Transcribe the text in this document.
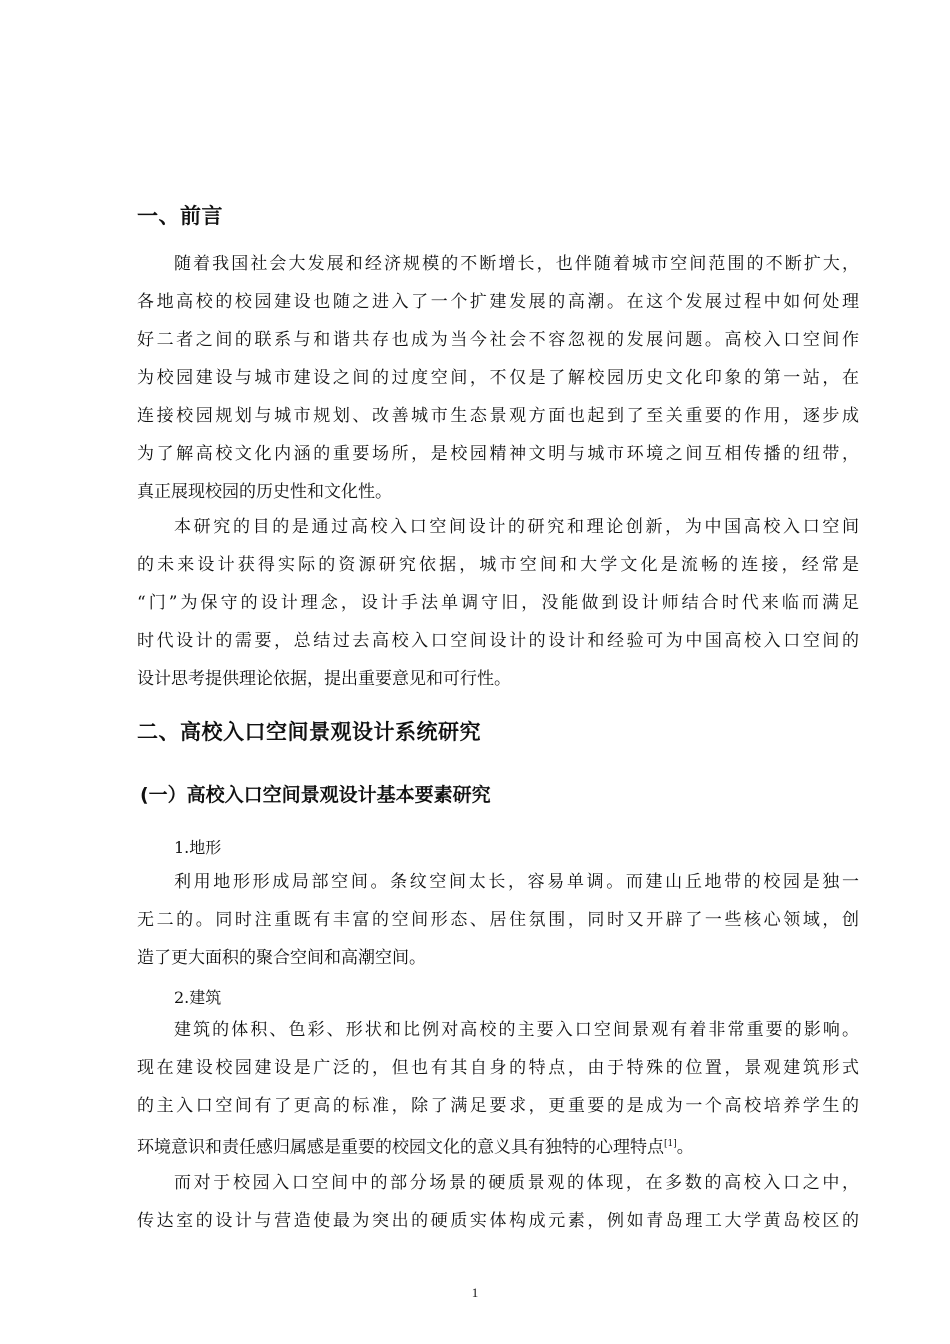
一、前言
随着我国社会大发展和经济规模的不断增长，也伴随着城市空间范围的不断扩大，
各地高校的校园建设也随之进入了一个扩建发展的高潮。在这个发展过程中如何处理
好二者之间的联系与和谐共存也成为当今社会不容忽视的发展问题。高校入口空间作
为校园建设与城市建设之间的过度空间，不仅是了解校园历史文化印象的第一站，在
连接校园规划与城市规划、改善城市生态景观方面也起到了至关重要的作用，逐步成
为了解高校文化内涵的重要场所，是校园精神文明与城市环境之间互相传播的纽带，
真正展现校园的历史性和文化性。
本研究的目的是通过高校入口空间设计的研究和理论创新，为中国高校入口空间
的未来设计获得实际的资源研究依据，城市空间和大学文化是流畅的连接，经常是
“门”为保守的设计理念，设计手法单调守旧，没能做到设计师结合时代来临而满足
时代设计的需要，总结过去高校入口空间设计的设计和经验可为中国高校入口空间的
设计思考提供理论依据，提出重要意见和可行性。
二、高校入口空间景观设计系统研究
(一）高校入口空间景观设计基本要素研究
1.地形
利用地形形成局部空间。条纹空间太长，容易单调。而建山丘地带的校园是独一
无二的。同时注重既有丰富的空间形态、居住氛围，同时又开辟了一些核心领域，创
造了更大面积的聚合空间和高潮空间。
2.建筑
建筑的体积、色彩、形状和比例对高校的主要入口空间景观有着非常重要的影响。
现在建设校园建设是广泛的，但也有其自身的特点，由于特殊的位置，景观建筑形式
的主入口空间有了更高的标准，除了满足要求，更重要的是成为一个高校培养学生的
环境意识和责任感归属感是重要的校园文化的意义具有独特的心理特点[1]。
而对于校园入口空间中的部分场景的硬质景观的体现，在多数的高校入口之中，
传达室的设计与营造使最为突出的硬质实体构成元素，例如青岛理工大学黄岛校区的
1
